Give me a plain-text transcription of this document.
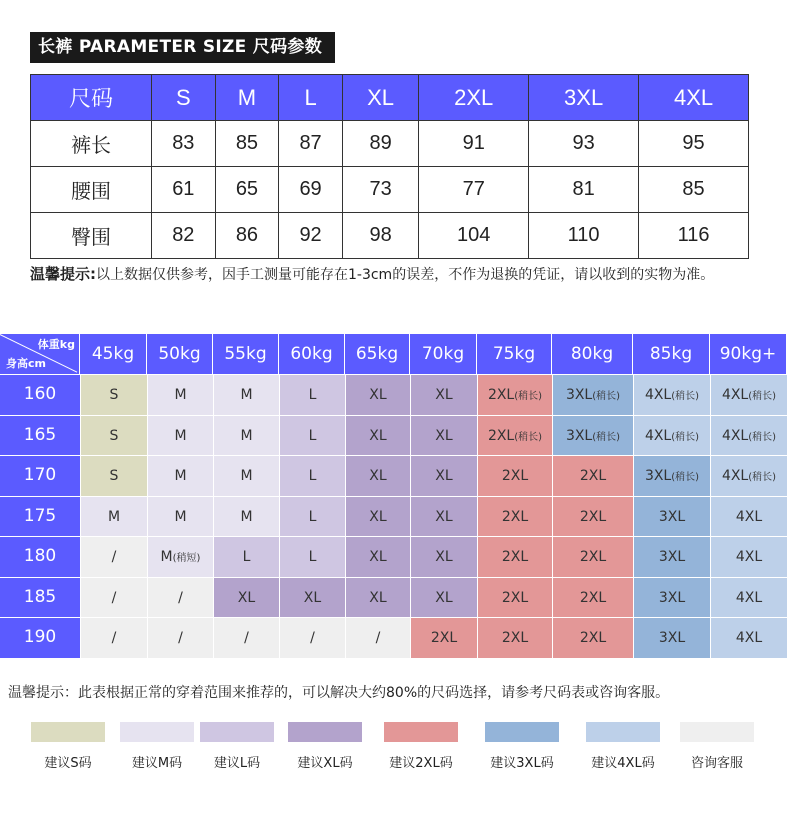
长裤 PARAMETER SIZE 尺码参数
尺码	S	M	L	XL	2XL	3XL	4XL
裤长	83	85	87	89	91	93	95
腰围	61	65	69	73	77	81	85
臀围	82	86	92	98	104	110	116
温馨提示:以上数据仅供参考，因手工测量可能存在1-3cm的误差，不作为退换的凭证，请以收到的实物为准。
体重kg
身高cm	45kg	50kg	55kg	60kg	65kg	70kg	75kg	80kg	85kg	90kg+
160	S	M	M	L	XL	XL	2XL(稍长)	3XL(稍长)	4XL(稍长)	4XL(稍长)
165	S	M	M	L	XL	XL	2XL(稍长)	3XL(稍长)	4XL(稍长)	4XL(稍长)
170	S	M	M	L	XL	XL	2XL	2XL	3XL(稍长)	4XL(稍长)
175	M	M	M	L	XL	XL	2XL	2XL	3XL	4XL
180	/	M(稍短)	L	L	XL	XL	2XL	2XL	3XL	4XL
185	/	/	XL	XL	XL	XL	2XL	2XL	3XL	4XL
190	/	/	/	/	/	2XL	2XL	2XL	3XL	4XL
温馨提示：此表根据正常的穿着范围来推荐的，可以解决大约80%的尺码选择，请参考尺码表或咨询客服。
建议S码	建议M码	建议L码	建议XL码	建议2XL码	建议3XL码	建议4XL码	咨询客服
